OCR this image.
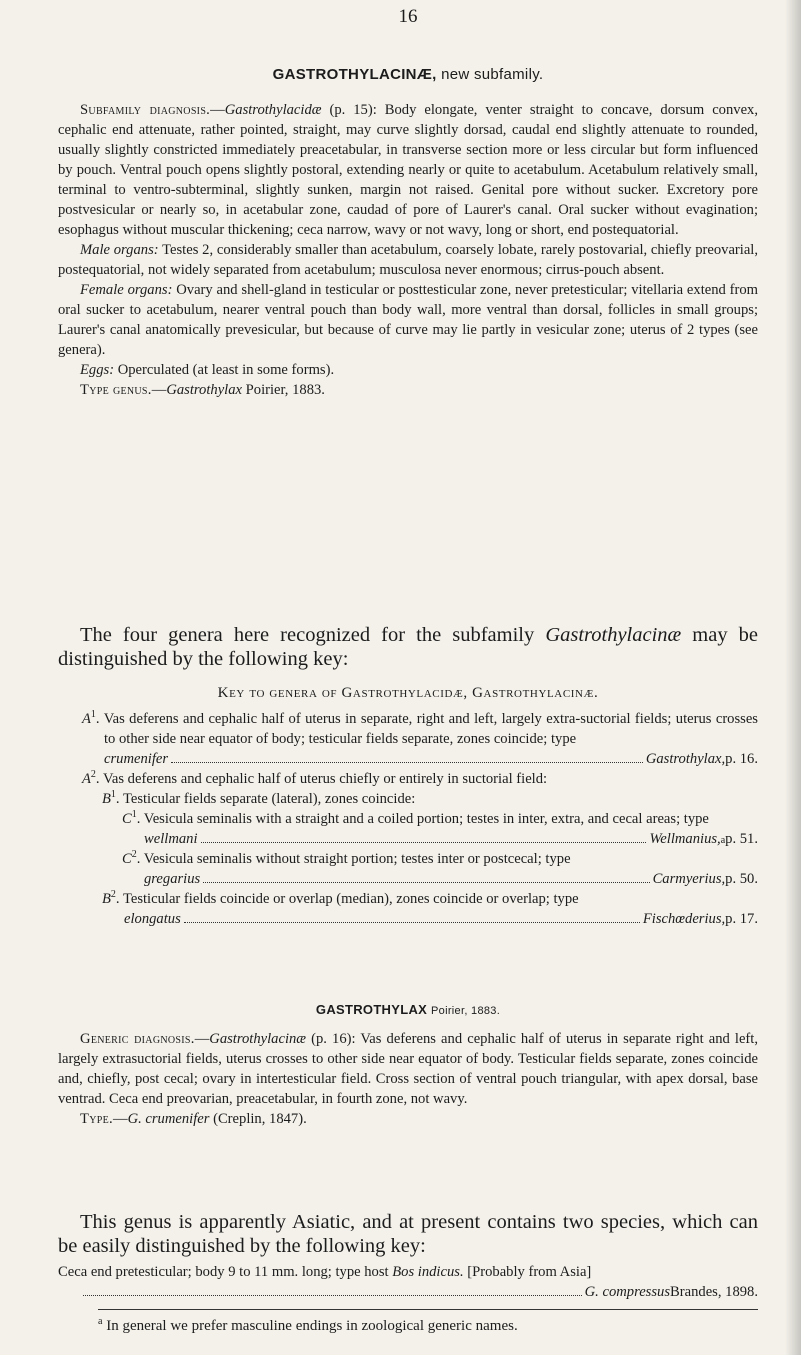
16
GASTROTHYLACINÆ, new subfamily.

Subfamily diagnosis.—Gastrothylacidæ (p. 15): Body elongate, venter straight to concave, dorsum convex, cephalic end attenuate, rather pointed, straight, may curve slightly dorsad, caudal end slightly attenuate to rounded, usually slightly constricted immediately preacetabular, in transverse section more or less circular but form influenced by pouch. Ventral pouch opens slightly postoral, extending nearly or quite to acetabulum. Acetabulum relatively small, terminal to ventro-subterminal, slightly sunken, margin not raised. Genital pore without sucker. Excretory pore postvesicular or nearly so, in acetabular zone, caudad of pore of Laurer's canal. Oral sucker without evagination; esophagus without muscular thickening; ceca narrow, wavy or not wavy, long or short, end postequatorial.

Male organs: Testes 2, considerably smaller than acetabulum, coarsely lobate, rarely postovarial, chiefly preovarial, postequatorial, not widely separated from acetabulum; musculosa never enormous; cirrus-pouch absent.

Female organs: Ovary and shell-gland in testicular or posttesticular zone, never pretesticular; vitellaria extend from oral sucker to acetabulum, nearer ventral pouch than body wall, more ventral than dorsal, follicles in small groups; Laurer's canal anatomically prevesicular, but because of curve may lie partly in vesicular zone; uterus of 2 types (see genera).

Eggs: Operculated (at least in some forms).

Type genus.—Gastrothylax Poirier, 1883.

The four genera here recognized for the subfamily Gastrothylacinæ may be distinguished by the following key:

Key to genera of Gastrothylacidæ, Gastrothylacinæ.
$A^1$. Vas deferens and cephalic half of uterus in separate, right and left, largely extra-suctorial fields; uterus crosses to other side near equator of body; testicular fields separate, zones coincide; type
crumenifer	Gastrothylax, p. 16.
$A^2$. Vas deferens and cephalic half of uterus chiefly or entirely in suctorial field:
$B^1$. Testicular fields separate (lateral), zones coincide:
$C^1$. Vesicula seminalis with a straight and a coiled portion; testes in inter, extra, and cecal areas; type
wellmani	Wellmanius, a p. 51.
$C^2$. Vesicula seminalis without straight portion; testes inter or postcecal; type
gregarius	Carmyerius, p. 50.
$B^2$. Testicular fields coincide or overlap (median), zones coincide or overlap; type
elongatus	Fischœderius, p. 17.
GASTROTHYLAX Poirier, 1883.

Generic diagnosis.—Gastrothylacinæ (p. 16): Vas deferens and cephalic half of uterus in separate right and left, largely extrasuctorial fields, uterus crosses to other side near equator of body. Testicular fields separate, zones coincide and, chiefly, post cecal; ovary in intertesticular field. Cross section of ventral pouch triangular, with apex dorsal, base ventrad. Ceca end preovarian, preacetabular, in fourth zone, not wavy.

Type.—G. crumenifer (Creplin, 1847).

This genus is apparently Asiatic, and at present contains two species, which can be easily distinguished by the following key:

Ceca end pretesticular; body 9 to 11 mm. long; type host Bos indicus. [Probably from Asia]
G. compressus Brandes, 1898.
$^a$ In general we prefer masculine endings in zoological generic names.
